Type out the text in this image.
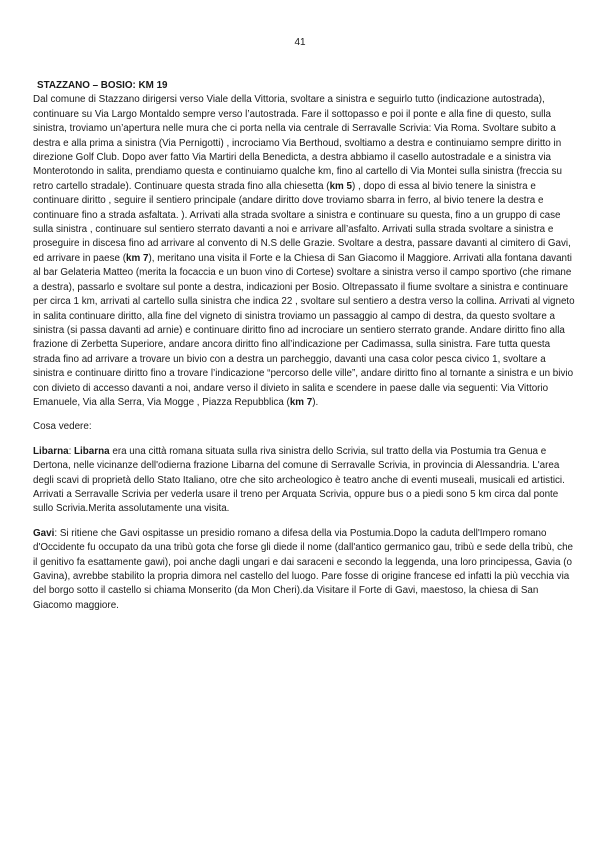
41
STAZZANO – BOSIO: KM 19

Dal comune di Stazzano dirigersi verso Viale della Vittoria, svoltare a sinistra e seguirlo tutto (indicazione autostrada), continuare su Via Largo Montaldo sempre verso l’autostrada. Fare il sottopasso e poi il ponte e alla fine di questo, sulla sinistra, troviamo un’apertura nelle mura che ci porta nella via centrale di Serravalle Scrivia: Via Roma. Svoltare subito a destra e alla prima a sinistra (Via Pernigotti) , incrociamo Via Berthoud, svoltiamo a destra e continuiamo sempre diritto in direzione Golf Club. Dopo aver fatto Via Martiri della Benedicta, a destra abbiamo il casello autostradale e a sinistra via Monterotondo in salita, prendiamo questa e continuiamo qualche km, fino al cartello di Via Montei sulla sinistra (freccia su retro cartello stradale). Continuare questa strada fino alla chiesetta (km 5) , dopo di essa al bivio tenere la sinistra e continuare diritto , seguire il sentiero principale (andare diritto dove troviamo sbarra in ferro, al bivio tenere la destra e continuare fino a strada asfaltata. ). Arrivati alla strada svoltare a sinistra e continuare su questa, fino a un gruppo di case sulla sinistra , continuare sul sentiero sterrato davanti a noi e arrivare all’asfalto. Arrivati sulla strada svoltare a sinistra e proseguire in discesa fino ad arrivare al convento di N.S delle Grazie. Svoltare a destra, passare davanti al cimitero di Gavi, ed arrivare in paese (km 7), meritano una visita il Forte e la Chiesa di San Giacomo il Maggiore. Arrivati alla fontana davanti al bar Gelateria Matteo (merita la focaccia e un buon vino di Cortese) svoltare a sinistra verso il campo sportivo (che rimane a destra), passarlo e svoltare sul ponte a destra, indicazioni per Bosio. Oltrepassato il fiume svoltare a sinistra e continuare per circa 1 km, arrivati al cartello sulla sinistra che indica 22 , svoltare sul sentiero a destra verso la collina. Arrivati al vigneto in salita continuare diritto, alla fine del vigneto di sinistra troviamo un passaggio al campo di destra, da questo svoltare a sinistra (si passa davanti ad arnie) e continuare diritto fino ad incrociare un sentiero sterrato grande. Andare diritto fino alla frazione di Zerbetta Superiore, andare ancora diritto fino all’indicazione per Cadimassa, sulla sinistra. Fare tutta questa strada fino ad arrivare a trovare un bivio con a destra un parcheggio, davanti una casa color pesca civico 1, svoltare a sinistra e continuare diritto fino a trovare l’indicazione “percorso delle ville”, andare diritto fino al tornante a sinistra e un bivio con divieto di accesso davanti a noi, andare verso il divieto in salita e scendere in paese dalle via seguenti: Via Vittorio Emanuele, Via alla Serra, Via Mogge , Piazza Repubblica (km 7).

Cosa vedere:

Libarna: Libarna era una città romana situata sulla riva sinistra dello Scrivia, sul tratto della via Postumia tra Genua e Dertona, nelle vicinanze dell'odierna frazione Libarna del comune di Serravalle Scrivia, in provincia di Alessandria. L'area degli scavi di proprietà dello Stato Italiano, otre che sito archeologico è teatro anche di eventi museali, musicali ed artistici. Arrivati a Serravalle Scrivia per vederla usare il treno per Arquata Scrivia, oppure bus o a piedi sono 5 km circa dal ponte sullo Scrivia.Merita assolutamente una visita.

Gavi: Si ritiene che Gavi ospitasse un presidio romano a difesa della via Postumia.Dopo la caduta dell'Impero romano d'Occidente fu occupato da una tribù gota che forse gli diede il nome (dall'antico germanico gau, tribù e sede della tribù, che il genitivo fa esattamente gawi), poi anche dagli ungari e dai saraceni e secondo la leggenda, una loro principessa, Gavia (o Gavina), avrebbe stabilito la propria dimora nel castello del luogo. Pare fosse di origine francese ed infatti la più vecchia via del borgo sotto il castello si chiama Monserito (da Mon Cheri).da Visitare il Forte di Gavi, maestoso, la chiesa di San Giacomo maggiore.
